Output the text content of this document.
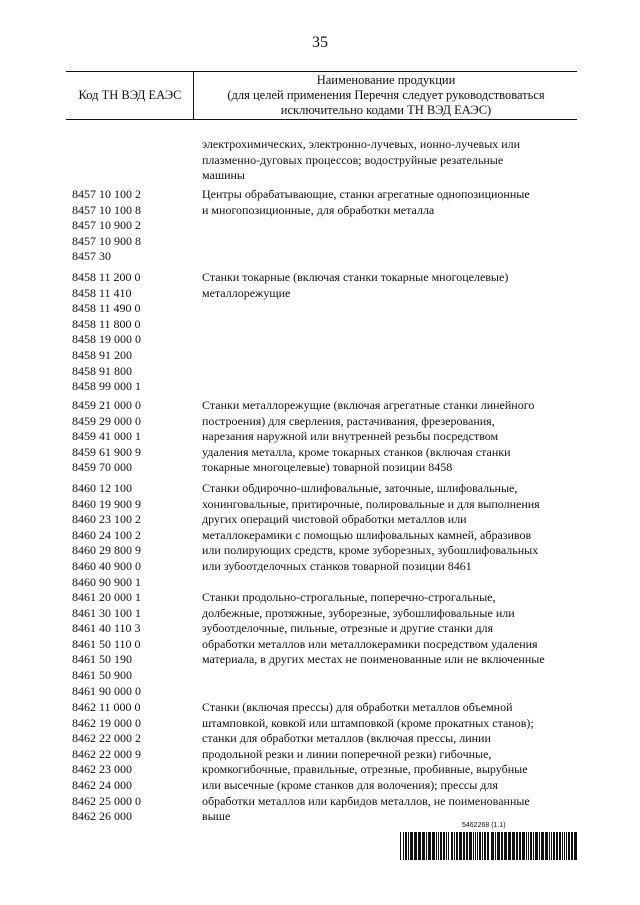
35
Код ТН ВЭД ЕАЭС
Наименование продукции
(для целей применения Перечня следует руководствоваться
исключительно кодами ТН ВЭД ЕАЭС)
электрохимических, электронно-лучевых, ионно-лучевых или
плазменно-дуговых процессов; водоструйные резательные
машины
8457 10 100 2
8457 10 100 8
8457 10 900 2
8457 10 900 8
8457 30
Центры обрабатывающие, станки агрегатные однопозиционные
и многопозиционные, для обработки металла
8458 11 200 0
8458 11 410
8458 11 490 0
8458 11 800 0
8458 19 000 0
8458 91 200
8458 91 800
8458 99 000 1
Станки токарные (включая станки токарные многоцелевые)
металлорежущие
8459 21 000 0
8459 29 000 0
8459 41 000 1
8459 61 900 9
8459 70 000
Станки металлорежущие (включая агрегатные станки линейного
построения) для сверления, растачивания, фрезерования,
нарезания наружной или внутренней резьбы посредством
удаления металла, кроме токарных станков (включая станки
токарные многоцелевые) товарной позиции 8458
8460 12 100
8460 19 900 9
8460 23 100 2
8460 24 100 2
8460 29 800 9
8460 40 900 0
8460 90 900 1
Станки обдирочно-шлифовальные, заточные, шлифовальные,
хонинговальные, притирочные, полировальные и для выполнения
других операций чистовой обработки металлов или
металлокерамики с помощью шлифовальных камней, абразивов
или полирующих средств, кроме зуборезных, зубошлифовальных
или зубоотделочных станков товарной позиции 8461
8461 20 000 1
8461 30 100 1
8461 40 110 3
8461 50 110 0
8461 50 190
8461 50 900
8461 90 000 0
Станки продольно-строгальные, поперечно-строгальные,
долбежные, протяжные, зуборезные, зубошлифовальные или
зубоотделочные, пильные, отрезные и другие станки для
обработки металлов или металлокерамики посредством удаления
материала, в других местах не поименованные или не включенные
8462 11 000 0
8462 19 000 0
8462 22 000 2
8462 22 000 9
8462 23 000
8462 24 000
8462 25 000 0
8462 26 000
Станки (включая прессы) для обработки металлов объемной
штамповкой, ковкой или штамповкой (кроме прокатных станов);
станки для обработки металлов (включая прессы, линии
продольной резки и линии поперечной резки) гибочные,
кромкогибочные, правильные, отрезные, пробивные, вырубные
или высечные (кроме станков для волочения); прессы для
обработки металлов или карбидов металлов, не поименованные
выше
5462268 (1.1)
